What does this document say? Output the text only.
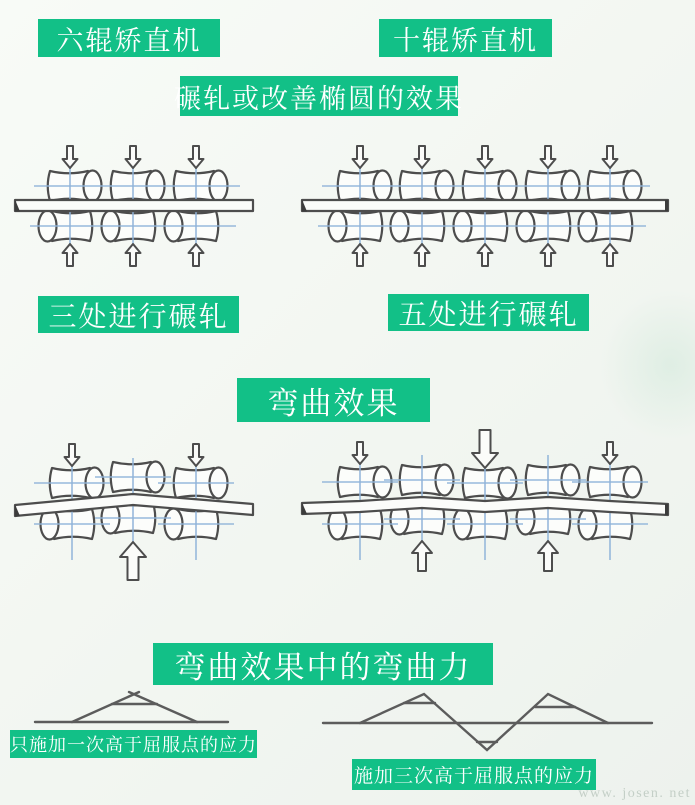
六辊矫直机	十辊矫直机
碾轧或改善椭圆的效果
三处进行碾轧	五处进行碾轧
弯曲效果
弯曲效果中的弯曲力
只施加一次高于屈服点的应力
施加三次高于屈服点的应力
www. josen. net
